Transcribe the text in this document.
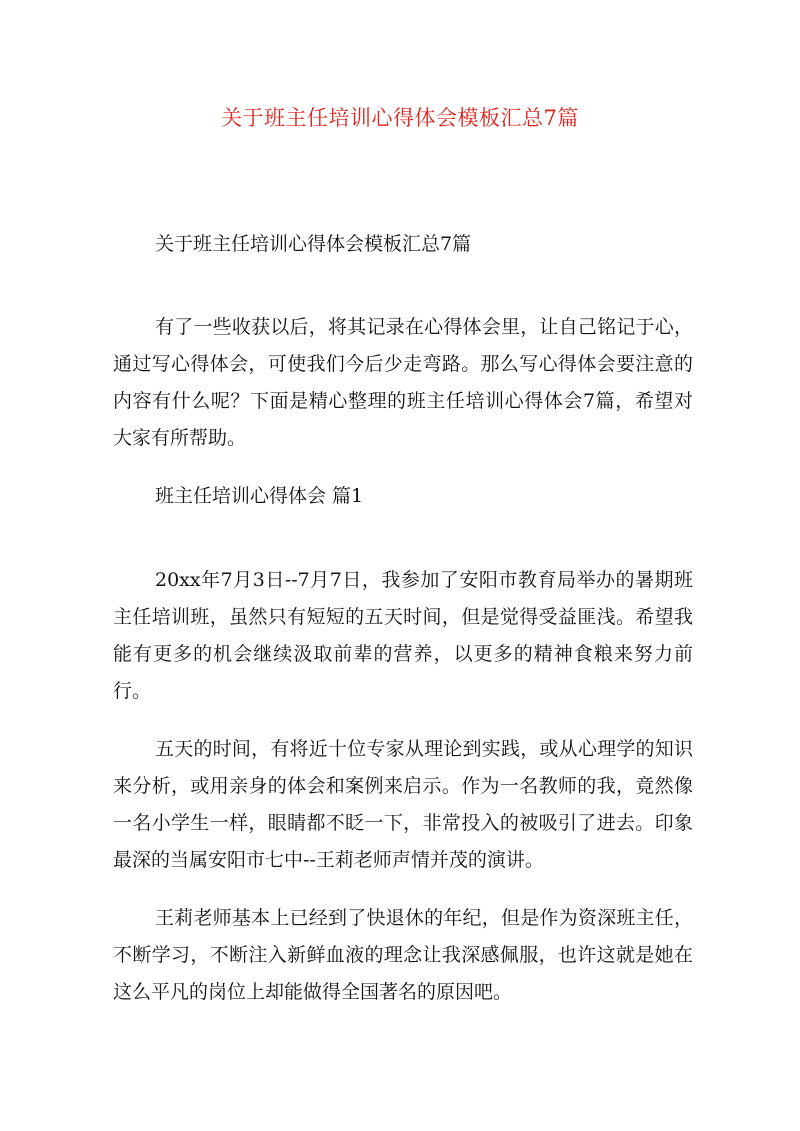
关于班主任培训心得体会模板汇总7篇

关于班主任培训心得体会模板汇总7篇

有了一些收获以后，将其记录在心得体会里，让自己铭记于心，通过写心得体会，可使我们今后少走弯路。那么写心得体会要注意的内容有什么呢？下面是精心整理的班主任培训心得体会7篇，希望对大家有所帮助。

班主任培训心得体会 篇1

20xx年7月3日--7月7日，我参加了安阳市教育局举办的暑期班主任培训班，虽然只有短短的五天时间，但是觉得受益匪浅。希望我能有更多的机会继续汲取前辈的营养，以更多的精神食粮来努力前行。

五天的时间，有将近十位专家从理论到实践，或从心理学的知识来分析，或用亲身的体会和案例来启示。作为一名教师的我，竟然像一名小学生一样，眼睛都不眨一下，非常投入的被吸引了进去。印象最深的当属安阳市七中--王莉老师声情并茂的演讲。

王莉老师基本上已经到了快退休的年纪，但是作为资深班主任，不断学习，不断注入新鲜血液的理念让我深感佩服，也许这就是她在这么平凡的岗位上却能做得全国著名的原因吧。
